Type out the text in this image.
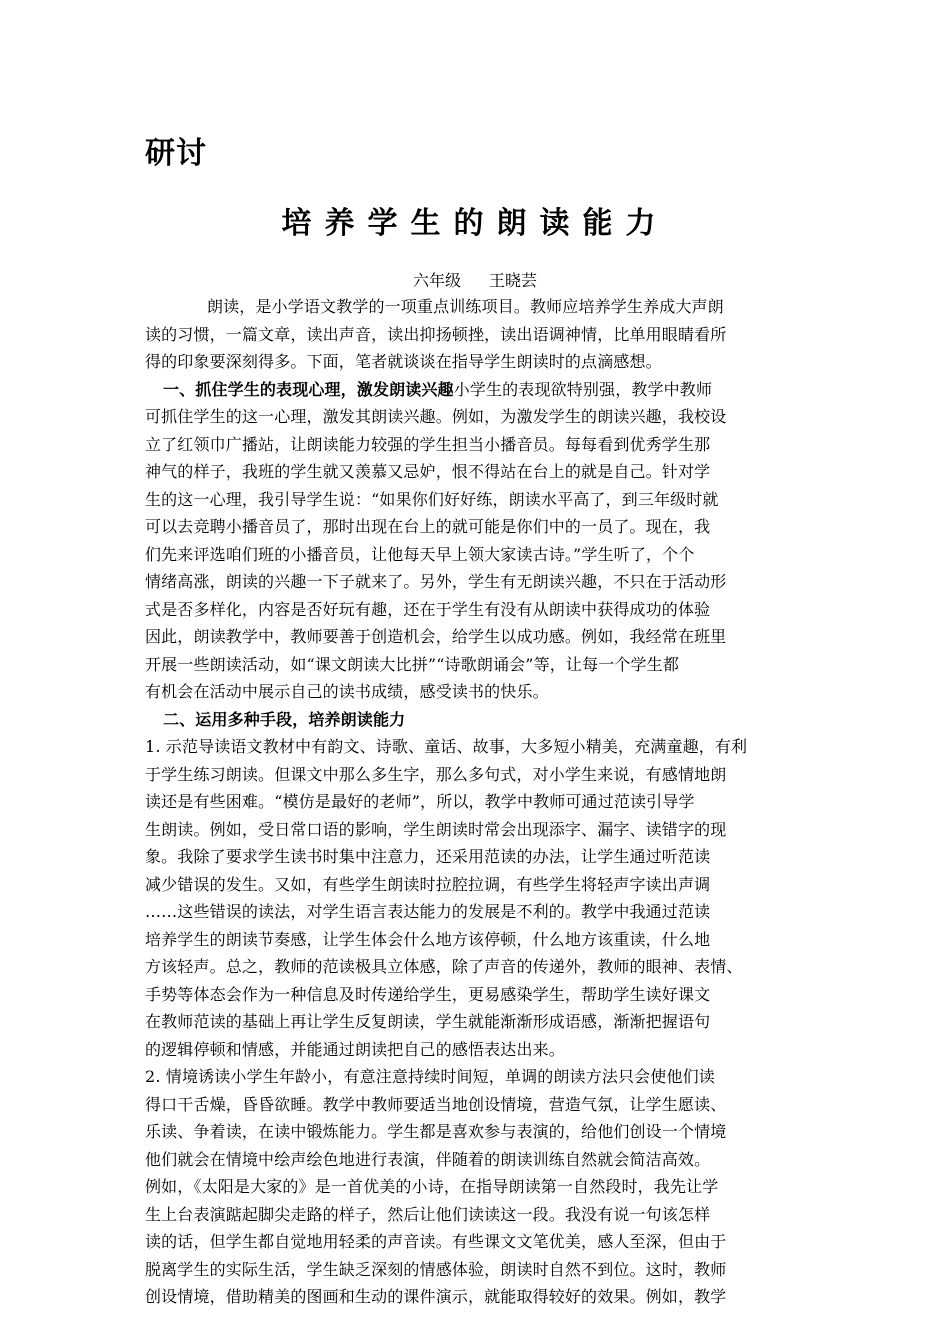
研讨
培养学生的朗读能力
六年级 王晓芸

朗读，是小学语文教学的一项重点训练项目。教师应培养学生养成大声朗
读的习惯，一篇文章，读出声音，读出抑扬顿挫，读出语调神情，比单用眼睛看所
得的印象要深刻得多。下面，笔者就谈谈在指导学生朗读时的点滴感想。

一、抓住学生的表现心理，激发朗读兴趣小学生的表现欲特别强，教学中教师
可抓住学生的这一心理，激发其朗读兴趣。例如，为激发学生的朗读兴趣，我校设
立了红领巾广播站，让朗读能力较强的学生担当小播音员。每每看到优秀学生那
神气的样子，我班的学生就又羡慕又忌妒，恨不得站在台上的就是自己。针对学
生的这一心理，我引导学生说：“如果你们好好练，朗读水平高了，到三年级时就
可以去竞聘小播音员了，那时出现在台上的就可能是你们中的一员了。现在，我
们先来评选咱们班的小播音员，让他每天早上领大家读古诗。”学生听了，个个
情绪高涨，朗读的兴趣一下子就来了。另外，学生有无朗读兴趣，不只在于活动形
式是否多样化，内容是否好玩有趣，还在于学生有没有从朗读中获得成功的体验
因此，朗读教学中，教师要善于创造机会，给学生以成功感。例如，我经常在班里
开展一些朗读活动，如“课文朗读大比拼”“诗歌朗诵会”等，让每一个学生都
有机会在活动中展示自己的读书成绩，感受读书的快乐。

二、运用多种手段，培养朗读能力

1. 示范导读语文教材中有韵文、诗歌、童话、故事，大多短小精美，充满童趣，有利
于学生练习朗读。但课文中那么多生字，那么多句式，对小学生来说，有感情地朗
读还是有些困难。“模仿是最好的老师”，所以，教学中教师可通过范读引导学
生朗读。例如，受日常口语的影响，学生朗读时常会出现添字、漏字、读错字的现
象。我除了要求学生读书时集中注意力，还采用范读的办法，让学生通过听范读
减少错误的发生。又如，有些学生朗读时拉腔拉调，有些学生将轻声字读出声调
……这些错误的读法，对学生语言表达能力的发展是不利的。教学中我通过范读
培养学生的朗读节奏感，让学生体会什么地方该停顿，什么地方该重读，什么地
方该轻声。总之，教师的范读极具立体感，除了声音的传递外，教师的眼神、表情、
手势等体态会作为一种信息及时传递给学生，更易感染学生，帮助学生读好课文
在教师范读的基础上再让学生反复朗读，学生就能渐渐形成语感，渐渐把握语句
的逻辑停顿和情感，并能通过朗读把自己的感悟表达出来。

2. 情境诱读小学生年龄小，有意注意持续时间短，单调的朗读方法只会使他们读
得口干舌燥，昏昏欲睡。教学中教师要适当地创设情境，营造气氛，让学生愿读、
乐读、争着读，在读中锻炼能力。学生都是喜欢参与表演的，给他们创设一个情境
他们就会在情境中绘声绘色地进行表演，伴随着的朗读训练自然就会简洁高效。
例如，《太阳是大家的》是一首优美的小诗，在指导朗读第一自然段时，我先让学
生上台表演踮起脚尖走路的样子，然后让他们读读这一段。我没有说一句该怎样
读的话，但学生都自觉地用轻柔的声音读。有些课文文笔优美，感人至深，但由于
脱离学生的实际生活，学生缺乏深刻的情感体验，朗读时自然不到位。这时，教师
创设情境，借助精美的图画和生动的课件演示，就能取得较好的效果。例如，教学
